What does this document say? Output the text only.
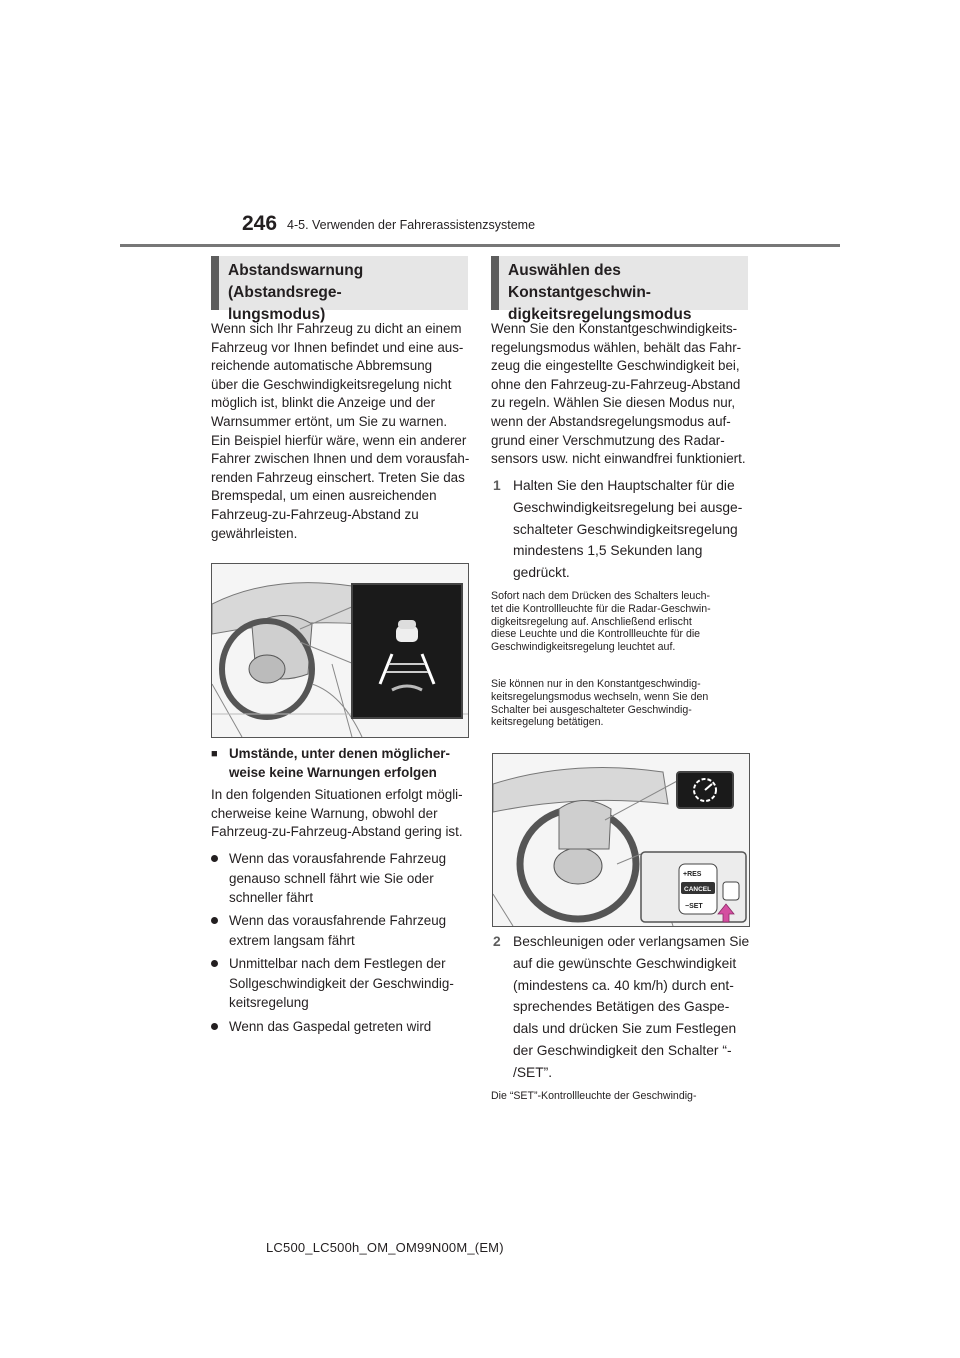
246 4-5. Verwenden der Fahrerassistenzsysteme
Abstandswarnung (Abstandsrege-
lungsmodus)
Wenn sich Ihr Fahrzeug zu dicht an einem
Fahrzeug vor Ihnen befindet und eine aus-
reichende automatische Abbremsung
über die Geschwindigkeitsregelung nicht
möglich ist, blinkt die Anzeige und der
Warnsummer ertönt, um Sie zu warnen.
Ein Beispiel hierfür wäre, wenn ein anderer
Fahrer zwischen Ihnen und dem vorausfah-
renden Fahrzeug einschert. Treten Sie das
Bremspedal, um einen ausreichenden
Fahrzeug-zu-Fahrzeug-Abstand zu
gewährleisten.
■ Umstände, unter denen möglicher-
weise keine Warnungen erfolgen
In den folgenden Situationen erfolgt mögli-
cherweise keine Warnung, obwohl der
Fahrzeug-zu-Fahrzeug-Abstand gering ist.
Wenn das vorausfahrende Fahrzeug
genauso schnell fährt wie Sie oder
schneller fährt
Wenn das vorausfahrende Fahrzeug
extrem langsam fährt
Unmittelbar nach dem Festlegen der
Sollgeschwindigkeit der Geschwindig-
keitsregelung
Wenn das Gaspedal getreten wird
Auswählen des Konstantgeschwin-
digkeitsregelungsmodus
Wenn Sie den Konstantgeschwindigkeits-
regelungsmodus wählen, behält das Fahr-
zeug die eingestellte Geschwindigkeit bei,
ohne den Fahrzeug-zu-Fahrzeug-Abstand
zu regeln. Wählen Sie diesen Modus nur,
wenn der Abstandsregelungsmodus auf-
grund einer Verschmutzung des Radar-
sensors usw. nicht einwandfrei funktioniert.
1 Halten Sie den Hauptschalter für die
Geschwindigkeitsregelung bei ausge-
schalteter Geschwindigkeitsregelung
mindestens 1,5 Sekunden lang
gedrückt.
Sofort nach dem Drücken des Schalters leuch-
tet die Kontrollleuchte für die Radar-Geschwin-
digkeitsregelung auf. Anschließend erlischt
diese Leuchte und die Kontrollleuchte für die
Geschwindigkeitsregelung leuchtet auf.
Sie können nur in den Konstantgeschwindig-
keitsregelungsmodus wechseln, wenn Sie den
Schalter bei ausgeschalteter Geschwindig-
keitsregelung betätigen.
+RES
CANCEL
−SET
2 Beschleunigen oder verlangsamen Sie
auf die gewünschte Geschwindigkeit
(mindestens ca. 40 km/h) durch ent-
sprechendes Betätigen des Gaspe-
dals und drücken Sie zum Festlegen
der Geschwindigkeit den Schalter “-
/SET”.
Die “SET”-Kontrollleuchte der Geschwindig-
LC500_LC500h_OM_OM99N00M_(EM)
